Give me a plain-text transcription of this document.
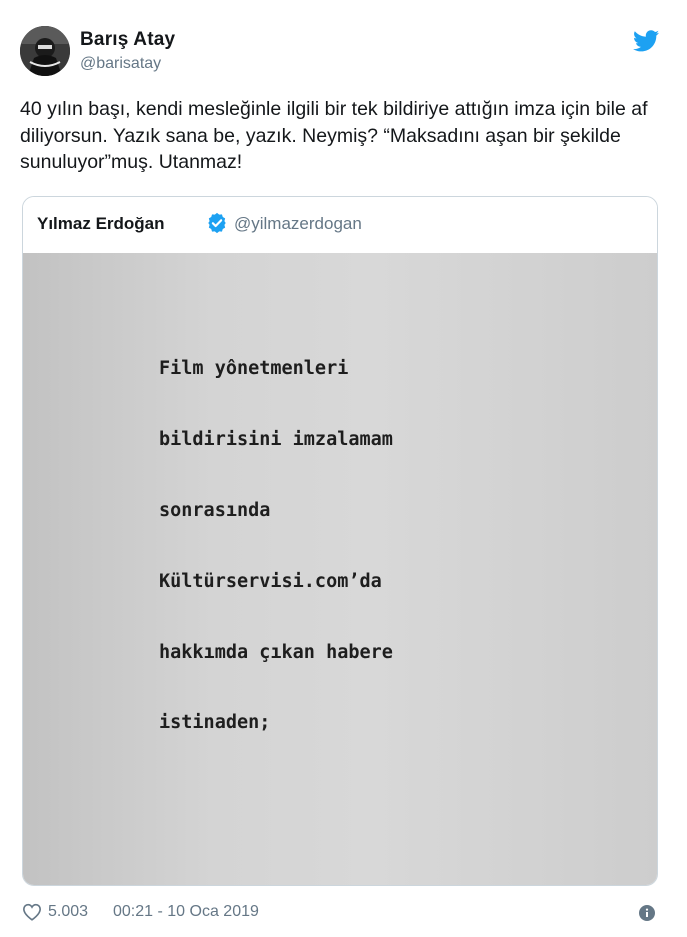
Barış Atay
@barisatay
40 yılın başı, kendi mesleğinle ilgili bir tek bildiriye attığın imza için bile af diliyorsun. Yazık sana be, yazık. Neymiş? “Maksadını aşan bir şekilde sunuluyor”muş. Utanmaz!
Yılmaz Erdoğan	@yilmazerdogan

Film yônetmenleri

bildirisini imzalamam

sonrasında

Kültürservisi.com’da

hakkımda çıkan habere

istinaden;

5.003 00:21 - 10 Oca 2019
